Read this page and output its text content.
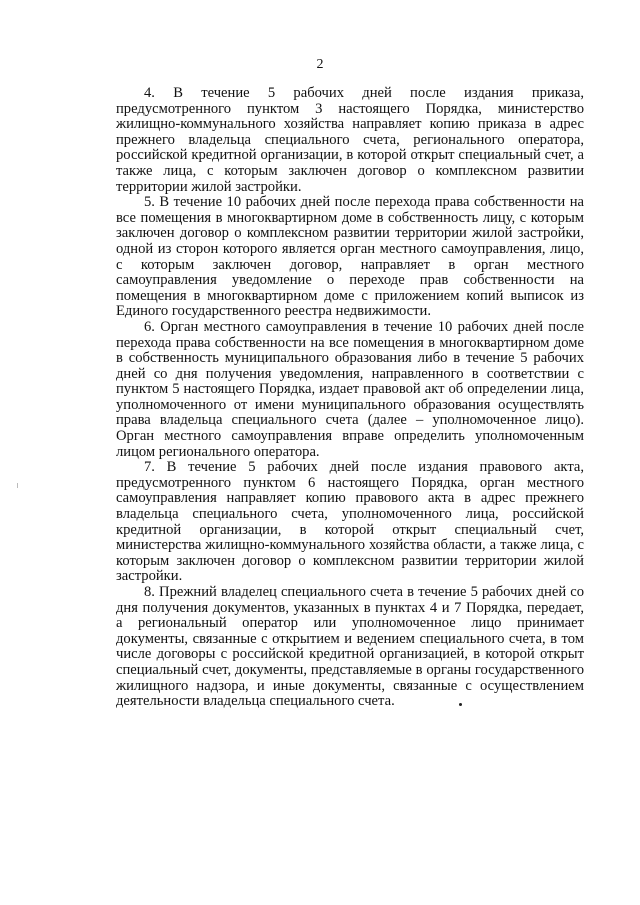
2

4. В течение 5 рабочих дней после издания приказа, предусмотренного пунктом 3 настоящего Порядка, министерство жилищно-коммунального хозяйства направляет копию приказа в адрес прежнего владельца специального счета, регионального оператора, российской кредитной организации, в которой открыт специальный счет, а также лица, с которым заключен договор о комплексном развитии территории жилой застройки.

5. В течение 10 рабочих дней после перехода права собственности на все помещения в многоквартирном доме в собственность лицу, с которым заключен договор о комплексном развитии территории жилой застройки, одной из сторон которого является орган местного самоуправления, лицо, с которым заключен договор, направляет в орган местного самоуправления уведомление о переходе прав собственности на помещения в многоквартирном доме с приложением копий выписок из Единого государственного реестра недвижимости.

6. Орган местного самоуправления в течение 10 рабочих дней после перехода права собственности на все помещения в многоквартирном доме в собственность муниципального образования либо в течение 5 рабочих дней со дня получения уведомления, направленного в соответствии с пунктом 5 настоящего Порядка, издает правовой акт об определении лица, уполномоченного от имени муниципального образования осуществлять права владельца специального счета (далее – уполномоченное лицо). Орган местного самоуправления вправе определить уполномоченным лицом регионального оператора.

7. В течение 5 рабочих дней после издания правового акта, предусмотренного пунктом 6 настоящего Порядка, орган местного самоуправления направляет копию правового акта в адрес прежнего владельца специального счета, уполномоченного лица, российской кредитной организации, в которой открыт специальный счет, министерства жилищно-коммунального хозяйства области, а также лица, с которым заключен договор о комплексном развитии территории жилой застройки.

8. Прежний владелец специального счета в течение 5 рабочих дней со дня получения документов, указанных в пунктах 4 и 7 Порядка, передает, а региональный оператор или уполномоченное лицо принимает документы, связанные с открытием и ведением специального счета, в том числе договоры с российской кредитной организацией, в которой открыт специальный счет, документы, представляемые в органы государственного жилищного надзора, и иные документы, связанные с осуществлением деятельности владельца специального счета.
